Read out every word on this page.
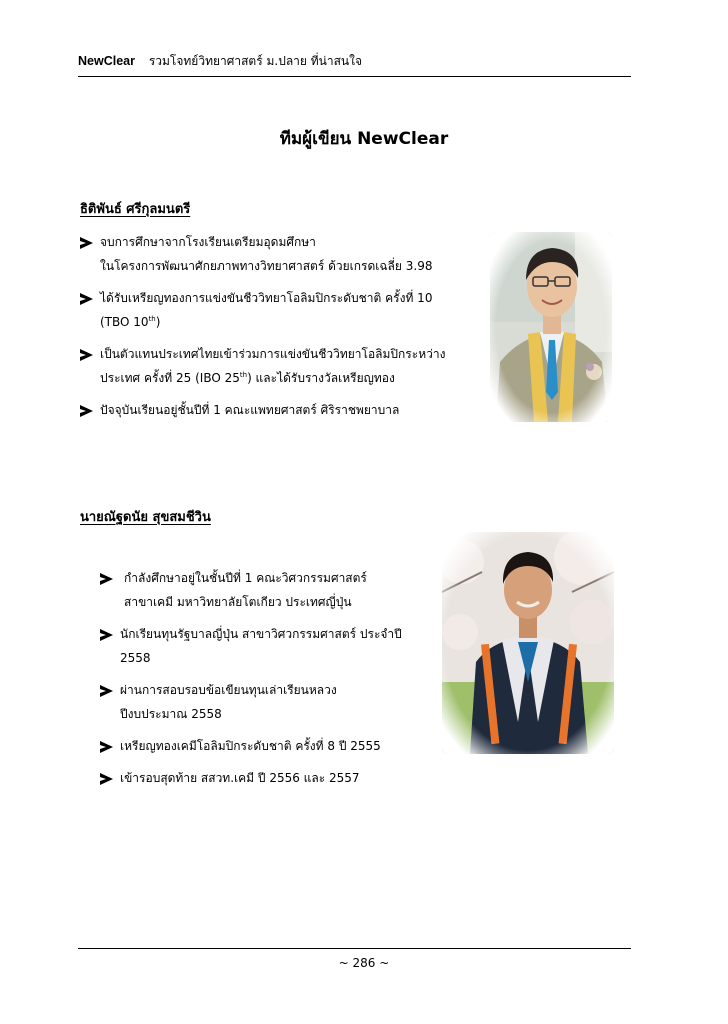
NewClear รวมโจทย์วิทยาศาสตร์ ม.ปลาย ที่น่าสนใจ
ทีมผู้เขียน NewClear
ธิติพันธ์ ศรีกุลมนตรี
จบการศึกษาจากโรงเรียนเตรียมอุดมศึกษา
ในโครงการพัฒนาศักยภาพทางวิทยาศาสตร์ ด้วยเกรดเฉลี่ย 3.98
ได้รับเหรียญทองการแข่งขันชีววิทยาโอลิมปิกระดับชาติ ครั้งที่ 10
(TBO 10th)
เป็นตัวแทนประเทศไทยเข้าร่วมการแข่งขันชีววิทยาโอลิมปิกระหว่าง
ประเทศ ครั้งที่ 25 (IBO 25th) และได้รับรางวัลเหรียญทอง
ปัจจุบันเรียนอยู่ชั้นปีที่ 1 คณะแพทยศาสตร์ ศิริราชพยาบาล
นายณัฐดนัย สุขสมชีวิน
กำลังศึกษาอยู่ในชั้นปีที่ 1 คณะวิศวกรรมศาสตร์
สาขาเคมี มหาวิทยาลัยโตเกียว ประเทศญี่ปุ่น
นักเรียนทุนรัฐบาลญี่ปุ่น สาขาวิศวกรรมศาสตร์ ประจำปี
2558
ผ่านการสอบรอบข้อเขียนทุนเล่าเรียนหลวง
ปีงบประมาณ 2558
เหรียญทองเคมีโอลิมปิกระดับชาติ ครั้งที่ 8 ปี 2555
เข้ารอบสุดท้าย สสวท.เคมี ปี 2556 และ 2557
~ 286 ~
